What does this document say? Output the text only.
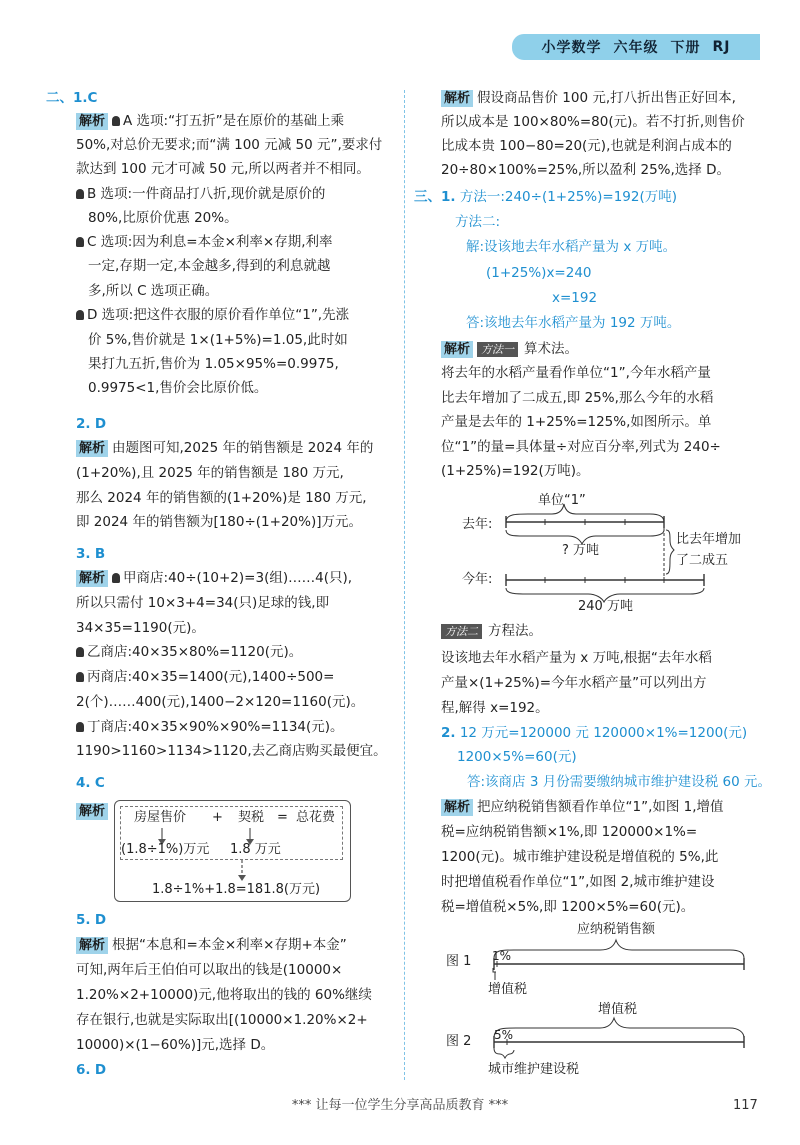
小学数学 六年级 下册 RJ
二、1.C
解析 A 选项:“打五折”是在原价的基础上乘
50%,对总价无要求;而“满 100 元减 50 元”,要求付
款达到 100 元才可减 50 元,所以两者并不相同。
B 选项:一件商品打八折,现价就是原价的
80%,比原价优惠 20%。
C 选项:因为利息=本金×利率×存期,利率
一定,存期一定,本金越多,得到的利息就越
多,所以 C 选项正确。
D 选项:把这件衣服的原价看作单位“1”,先涨
价 5%,售价就是 1×(1+5%)=1.05,此时如
果打九五折,售价为 1.05×95%=0.9975,
0.9975<1,售价会比原价低。
2. D
解析 由题图可知,2025 年的销售额是 2024 年的
(1+20%),且 2025 年的销售额是 180 万元,
那么 2024 年的销售额的(1+20%)是 180 万元,
即 2024 年的销售额为[180÷(1+20%)]万元。
3. B
解析 甲商店:40÷(10+2)=3(组)……4(只),
所以只需付 10×3+4=34(只)足球的钱,即
34×35=1190(元)。
乙商店:40×35×80%=1120(元)。
丙商店:40×35=1400(元),1400÷500=
2(个)……400(元),1400−2×120=1160(元)。
丁商店:40×35×90%×90%=1134(元)。
1190>1160>1134>1120,去乙商店购买最便宜。
4. C
解析	房屋售价 + 契税 = 总花费
(1.8÷1%)万元 1.8 万元
1.8÷1%+1.8=181.8(万元)
5. D
解析 根据“本息和=本金×利率×存期+本金”
可知,两年后王伯伯可以取出的钱是(10000×
1.20%×2+10000)元,他将取出的钱的 60%继续
存在银行,也就是实际取出[(10000×1.20%×2+
10000)×(1−60%)]元,选择 D。
6. D
解析 假设商品售价 100 元,打八折出售正好回本,
所以成本是 100×80%=80(元)。若不打折,则售价
比成本贵 100−80=20(元),也就是利润占成本的
20÷80×100%=25%,所以盈利 25%,选择 D。
三、1. 方法一:240÷(1+25%)=192(万吨)
方法二:
解:设该地去年水稻产量为 x 万吨。
(1+25%)x=240
x=192
答:该地去年水稻产量为 192 万吨。
解析 方法一 算术法。
将去年的水稻产量看作单位“1”,今年水稻产量
比去年增加了二成五,即 25%,那么今年的水稻
产量是去年的 1+25%=125%,如图所示。单
位“1”的量=具体量÷对应百分率,列式为 240÷
(1+25%)=192(万吨)。
单位“1”
去年:
? 万吨
比去年增加
了二成五
今年:
240 万吨
方法二 方程法。
设该地去年水稻产量为 x 万吨,根据“去年水稻
产量×(1+25%)=今年水稻产量”可以列出方
程,解得 x=192。
2. 12 万元=120000 元 120000×1%=1200(元)
1200×5%=60(元)
答:该商店 3 月份需要缴纳城市维护建设税 60 元。
解析 把应纳税销售额看作单位“1”,如图 1,增值
税=应纳税销售额×1%,即 120000×1%=
1200(元)。城市维护建设税是增值税的 5%,此
时把增值税看作单位“1”,如图 2,城市维护建设
税=增值税×5%,即 1200×5%=60(元)。
应纳税销售额
图 1 1%
增值税
增值税
图 2 5%
城市维护建设税
*** 让每一位学生分享高品质教育 ***	117
